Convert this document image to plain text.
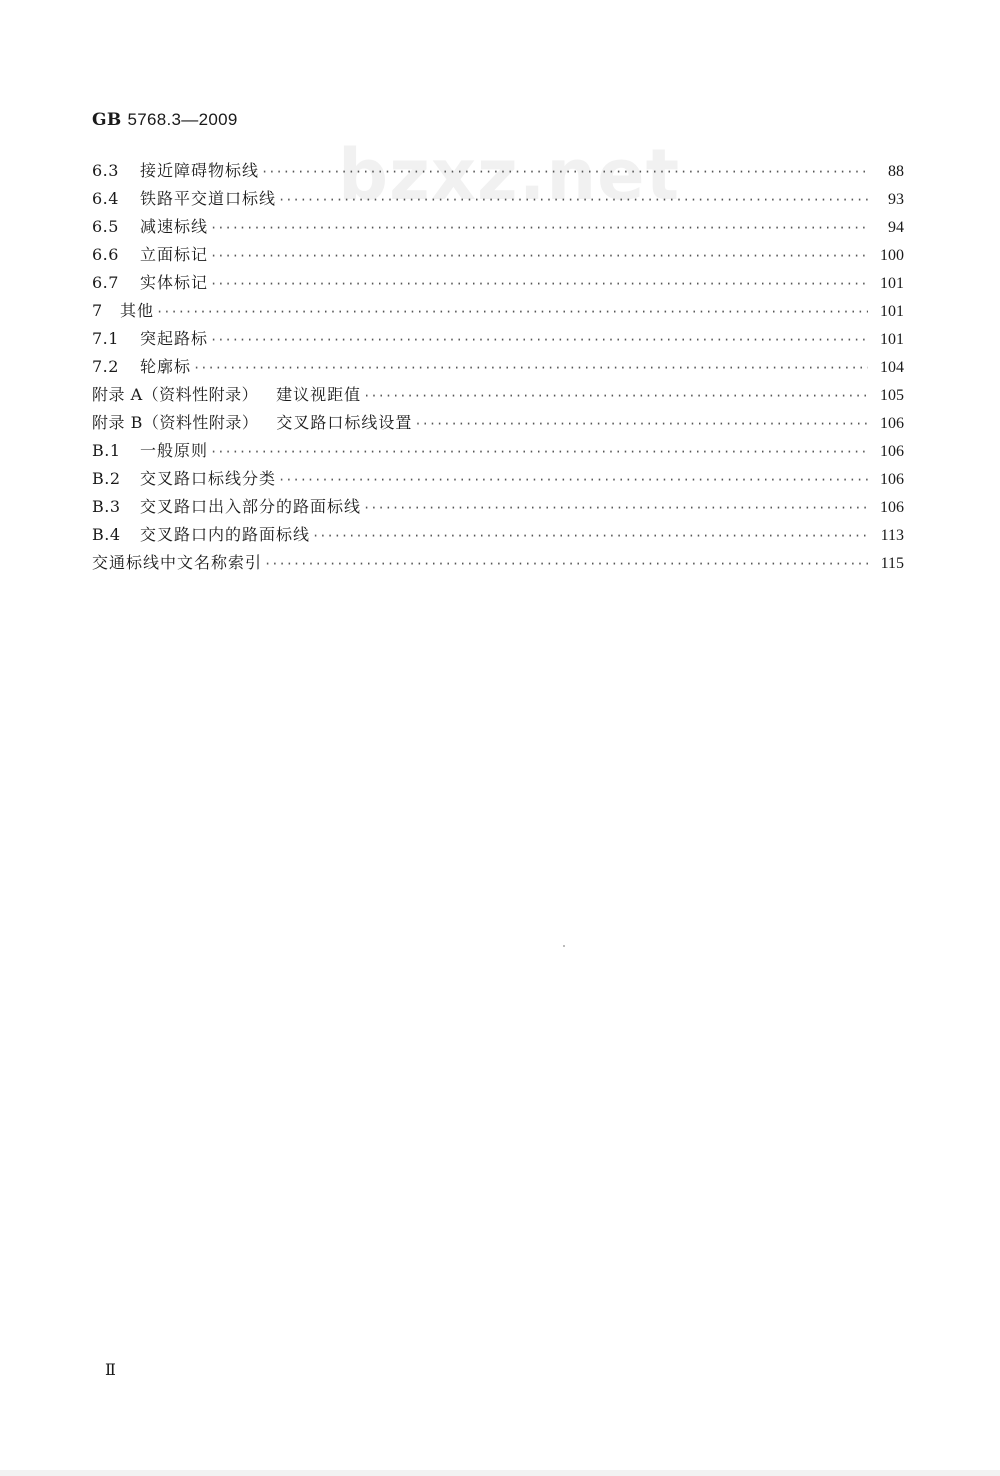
GB 5768.3—2009
bzxz.net
6.3	接近障碍物标线 ·····	88
6.4	铁路平交道口标线 ·····	93
6.5	减速标线 ·····	94
6.6	立面标记 ·····	100
6.7	实体标记 ·····	101
7	其他 ·····	101
7.1	突起路标 ·····	101
7.2	轮廓标 ·····	104
附录 A（资料性附录） 建议视距值 ·····	105
附录 B（资料性附录） 交叉路口标线设置 ·····	106
B.1	一般原则 ·····	106
B.2	交叉路口标线分类 ·····	106
B.3	交叉路口出入部分的路面标线 ·····	106
B.4	交叉路口内的路面标线 ·····	113
交通标线中文名称索引 ·····	115
Ⅱ
